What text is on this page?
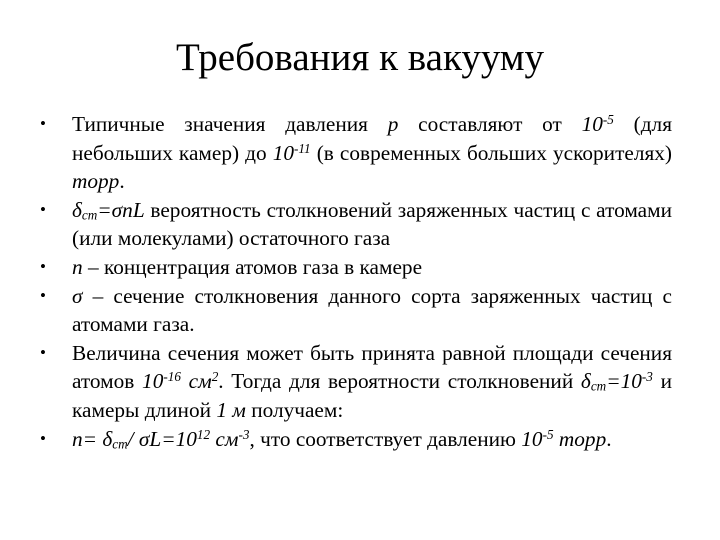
Требования к вакууму
• Типичные значения давления p составляют от $10^{-5}$ (для небольших камер) до $10^{-11}$ (в современных больших ускорителях) торр.
• $\delta_{ст}=\sigma nL$ вероятность столкновений заряженных частиц с атомами (или молекулами) остаточного газа
• n – концентрация атомов газа в камере
• σ – сечение столкновения данного сорта заряженных частиц с атомами газа.
• Величина сечения может быть принята равной площади сечения атомов $10^{-16}$ $см^2$. Тогда для вероятности столкновений $\delta_{ст}=10^{-3}$ и камеры длиной 1 м получаем:
• $n= \delta_{ст}/$ $\sigma L=10^{12}$ $см^{-3}$, что соответствует давлению $10^{-5}$ торр.
